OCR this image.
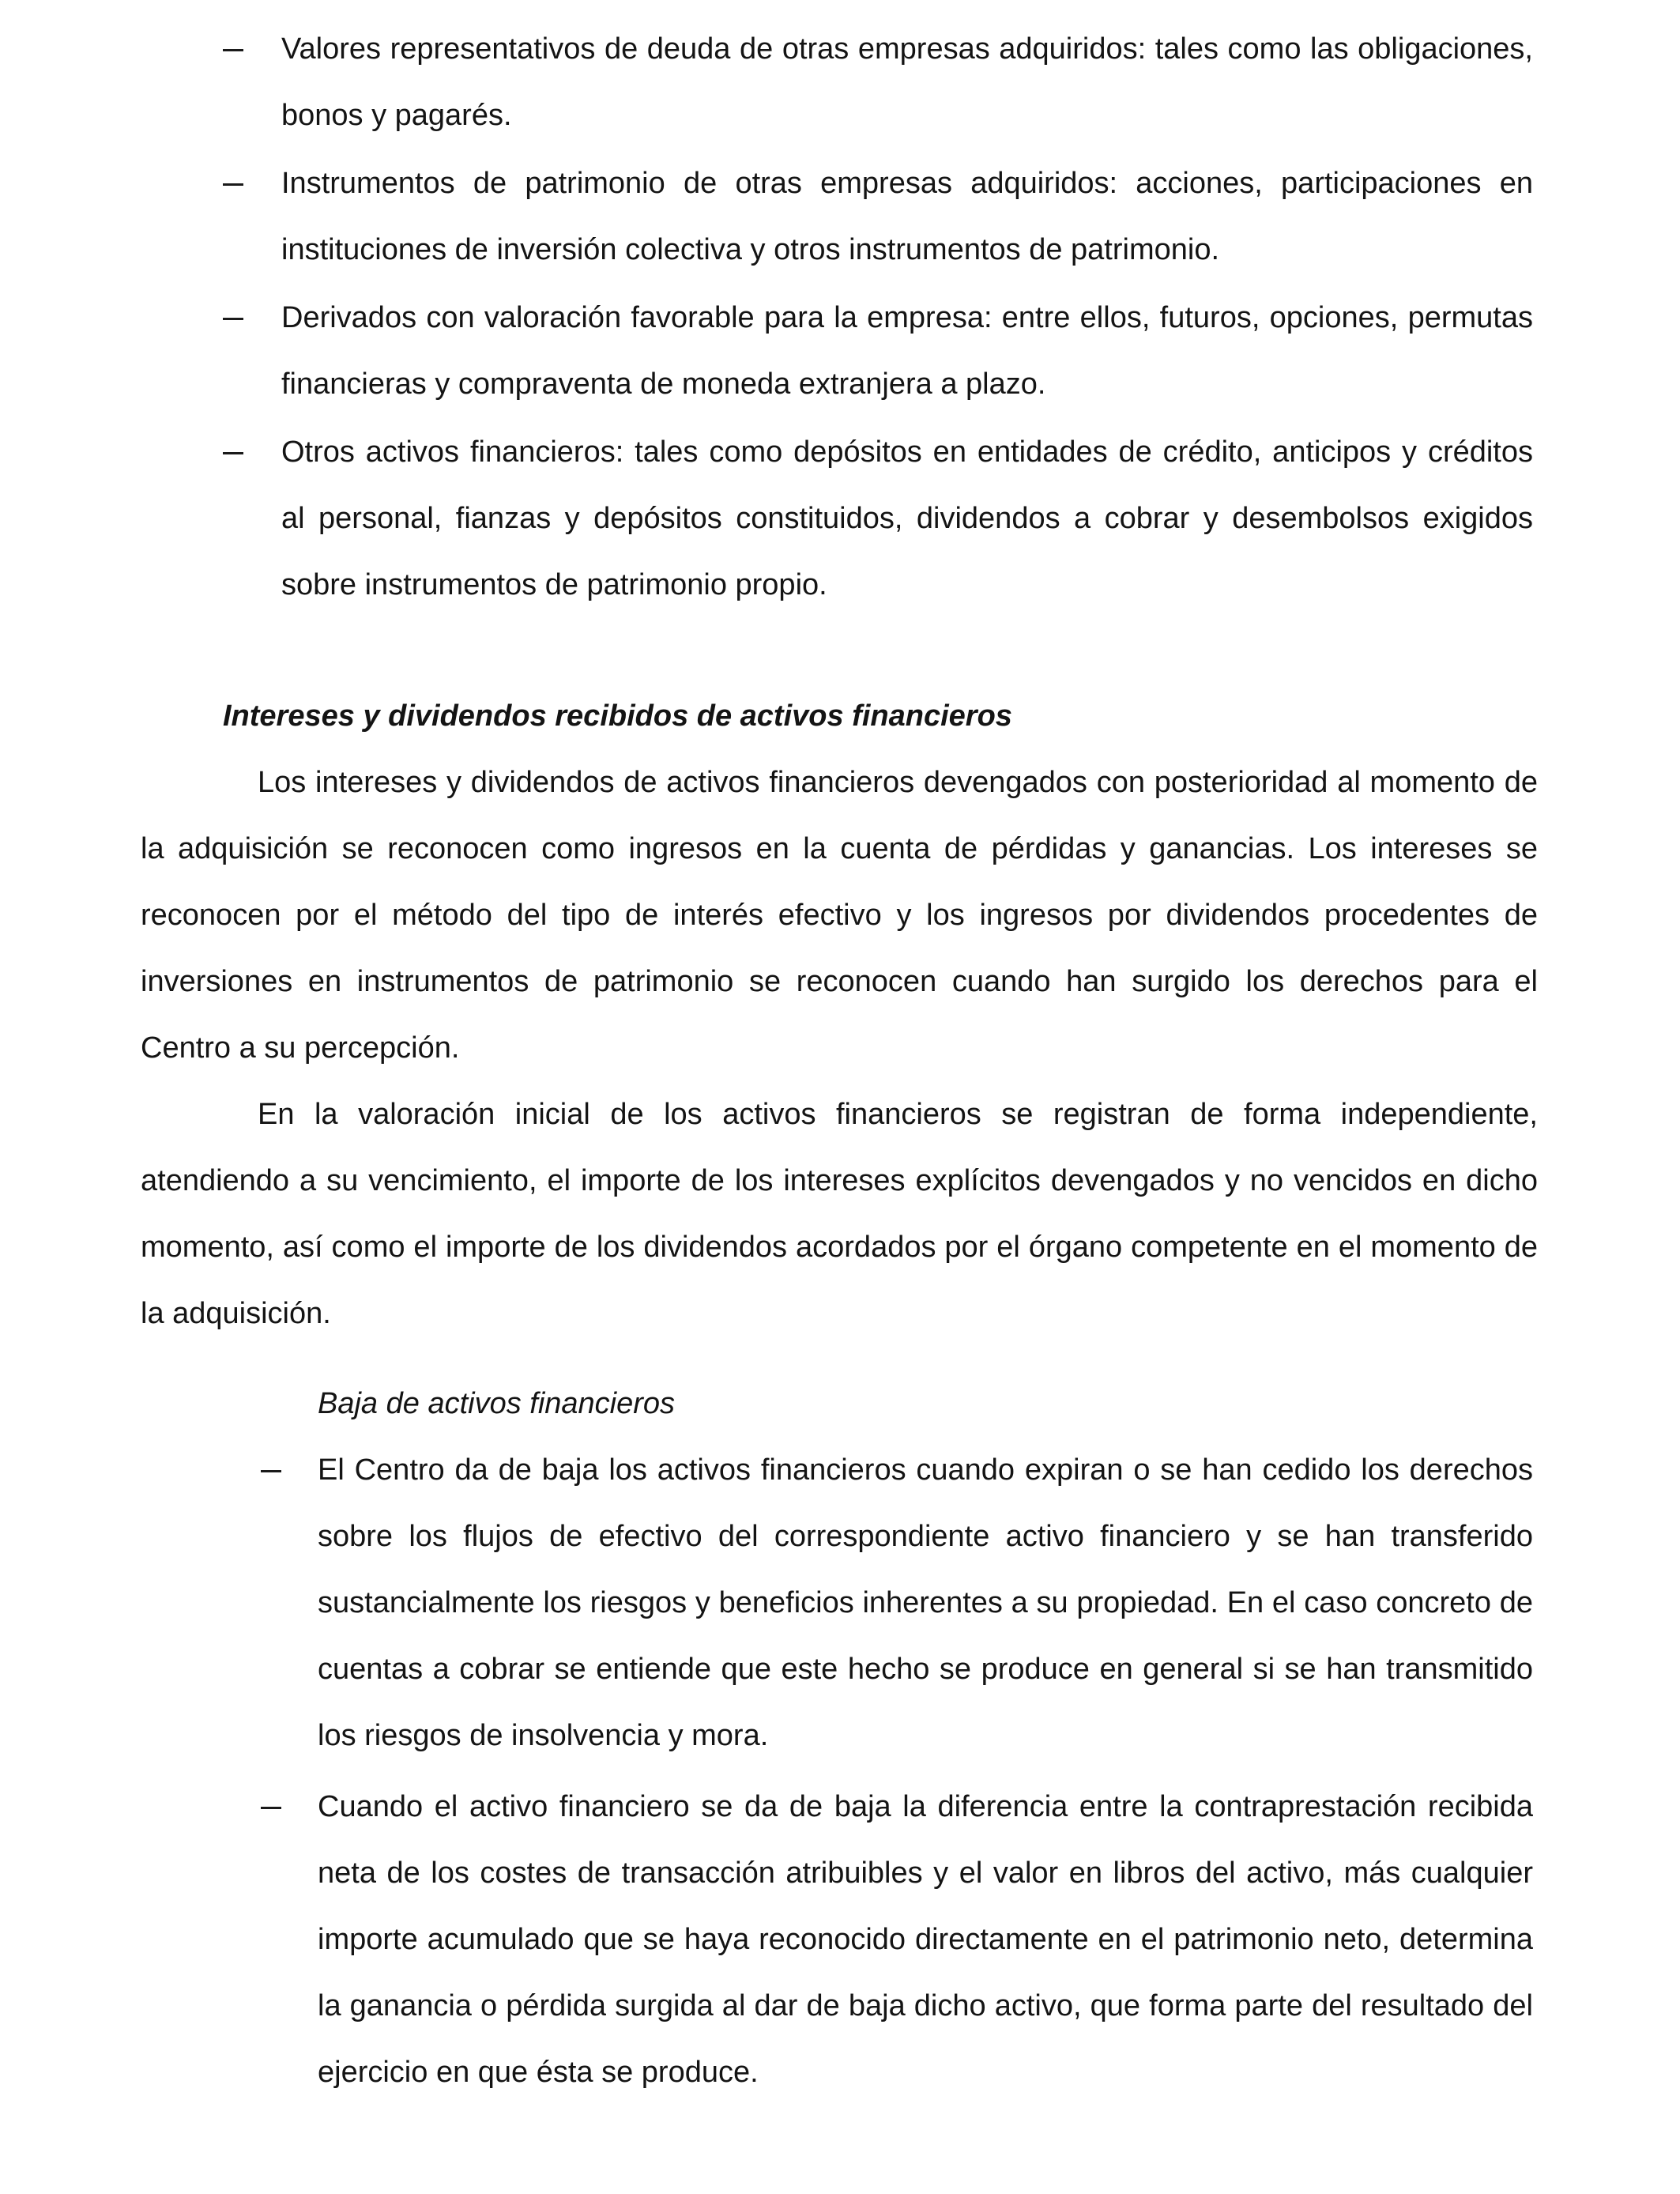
Valores representativos de deuda de otras empresas adquiridos: tales como las obligaciones, bonos y pagarés.
Instrumentos de patrimonio de otras empresas adquiridos: acciones, participaciones en instituciones de inversión colectiva y otros instrumentos de patrimonio.
Derivados con valoración favorable para la empresa: entre ellos, futuros, opciones, permutas financieras y compraventa de moneda extranjera a plazo.
Otros activos financieros: tales como depósitos en entidades de crédito, anticipos y créditos al personal, fianzas y depósitos constituidos, dividendos a cobrar y desembolsos exigidos sobre instrumentos de patrimonio propio.
Intereses y dividendos recibidos de activos financieros
Los intereses y dividendos de activos financieros devengados con posterioridad al momento de la adquisición se reconocen como ingresos en la cuenta de pérdidas y ganancias. Los intereses se reconocen por el método del tipo de interés efectivo y los ingresos por dividendos procedentes de inversiones en instrumentos de patrimonio se reconocen cuando han surgido los derechos para el Centro a su percepción.
En la valoración inicial de los activos financieros se registran de forma independiente, atendiendo a su vencimiento, el importe de los intereses explícitos devengados y no vencidos en dicho momento, así como el importe de los dividendos acordados por el órgano competente en el momento de la adquisición.
Baja de activos financieros
El Centro da de baja los activos financieros cuando expiran o se han cedido los derechos sobre los flujos de efectivo del correspondiente activo financiero y se han transferido sustancialmente los riesgos y beneficios inherentes a su propiedad. En el caso concreto de cuentas a cobrar se entiende que este hecho se produce en general si se han transmitido los riesgos de insolvencia y mora.
Cuando el activo financiero se da de baja la diferencia entre la contraprestación recibida neta de los costes de transacción atribuibles y el valor en libros del activo, más cualquier importe acumulado que se haya reconocido directamente en el patrimonio neto, determina la ganancia o pérdida surgida al dar de baja dicho activo, que forma parte del resultado del ejercicio en que ésta se produce.
